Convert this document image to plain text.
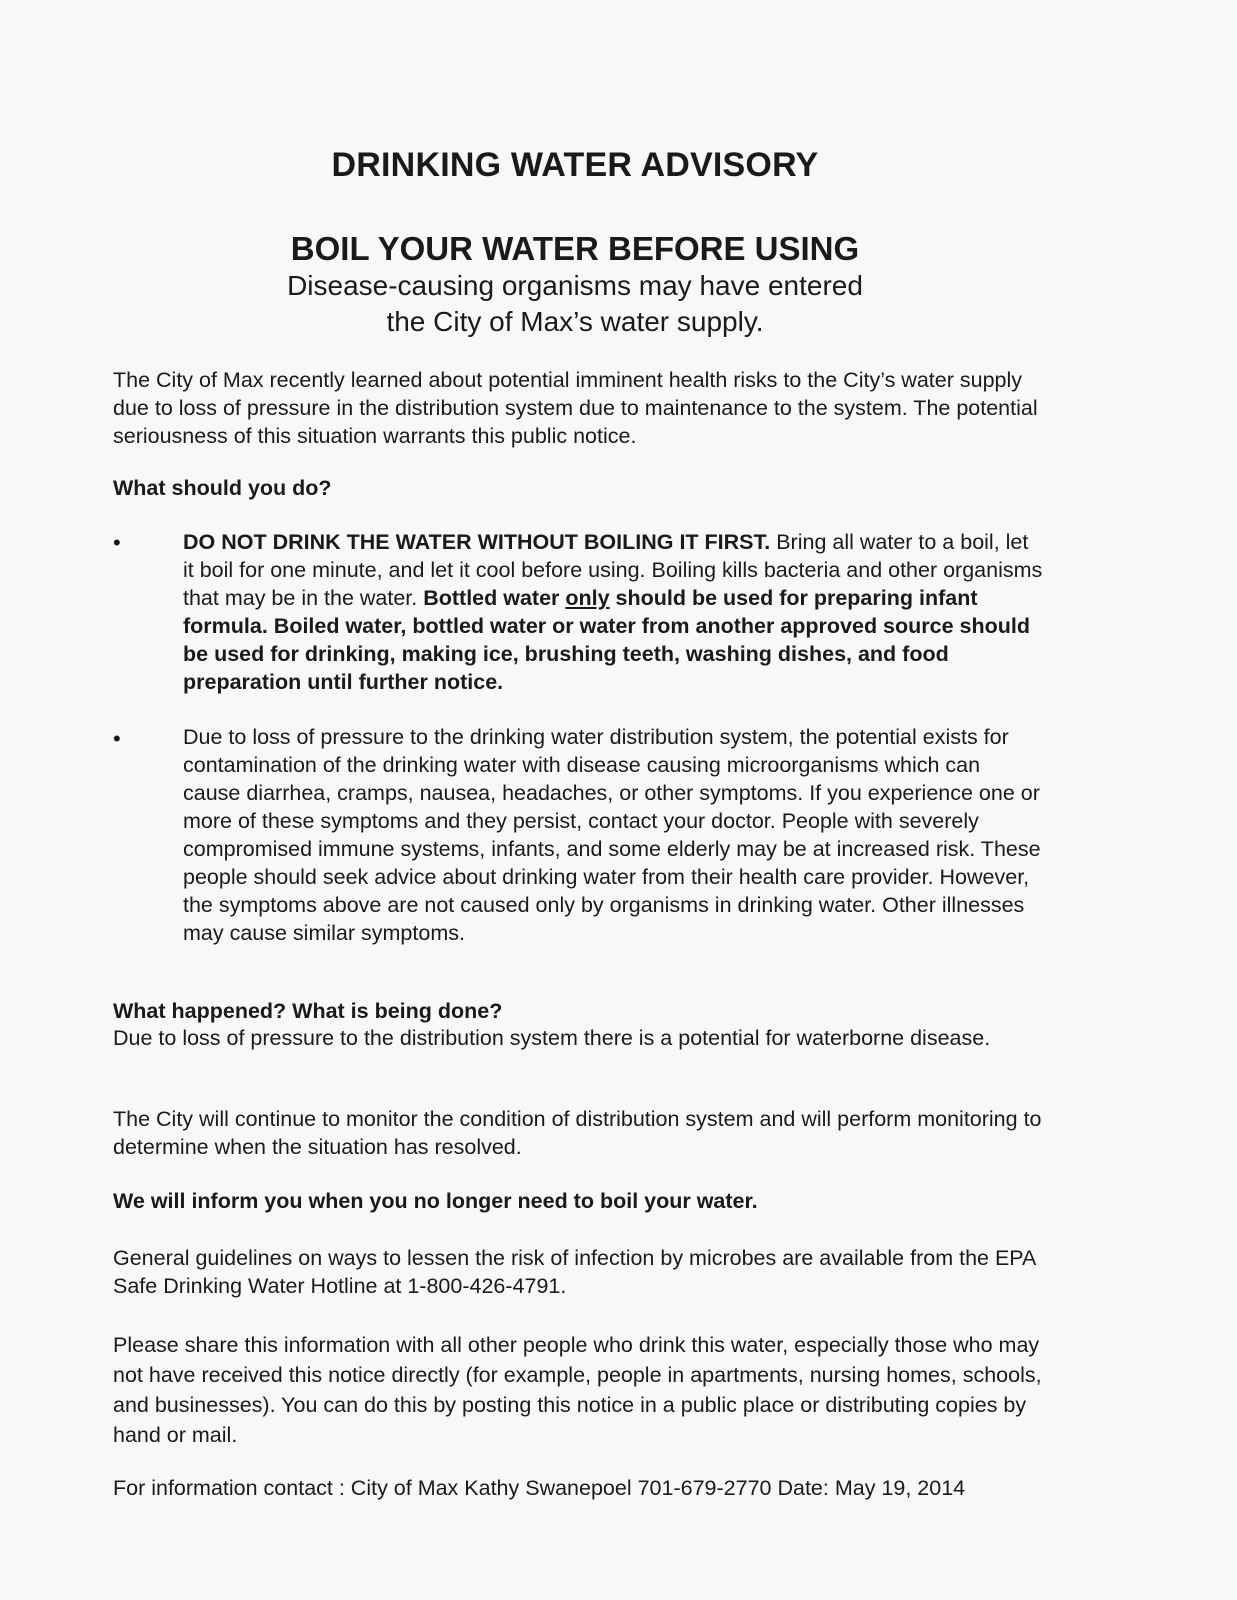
DRINKING WATER ADVISORY
BOIL YOUR WATER BEFORE USING
Disease-causing organisms may have entered
the City of Max’s water supply.
The City of Max recently learned about potential imminent health risks to the City’s water supply due to loss of pressure in the distribution system due to maintenance to the system. The potential seriousness of this situation warrants this public notice.
What should you do?
•	DO NOT DRINK THE WATER WITHOUT BOILING IT FIRST. Bring all water to a boil, let it boil for one minute, and let it cool before using. Boiling kills bacteria and other organisms that may be in the water. Bottled water only should be used for preparing infant formula. Boiled water, bottled water or water from another approved source should be used for drinking, making ice, brushing teeth, washing dishes, and food preparation until further notice.
•	Due to loss of pressure to the drinking water distribution system, the potential exists for contamination of the drinking water with disease causing microorganisms which can cause diarrhea, cramps, nausea, headaches, or other symptoms. If you experience one or more of these symptoms and they persist, contact your doctor. People with severely compromised immune systems, infants, and some elderly may be at increased risk. These people should seek advice about drinking water from their health care provider. However, the symptoms above are not caused only by organisms in drinking water. Other illnesses may cause similar symptoms.
What happened? What is being done?
Due to loss of pressure to the distribution system there is a potential for waterborne disease.
The City will continue to monitor the condition of distribution system and will perform monitoring to determine when the situation has resolved.
We will inform you when you no longer need to boil your water.
General guidelines on ways to lessen the risk of infection by microbes are available from the EPA Safe Drinking Water Hotline at 1-800-426-4791.
Please share this information with all other people who drink this water, especially those who may not have received this notice directly (for example, people in apartments, nursing homes, schools, and businesses). You can do this by posting this notice in a public place or distributing copies by hand or mail.
For information contact : City of Max Kathy Swanepoel 701-679-2770 Date: May 19, 2014
